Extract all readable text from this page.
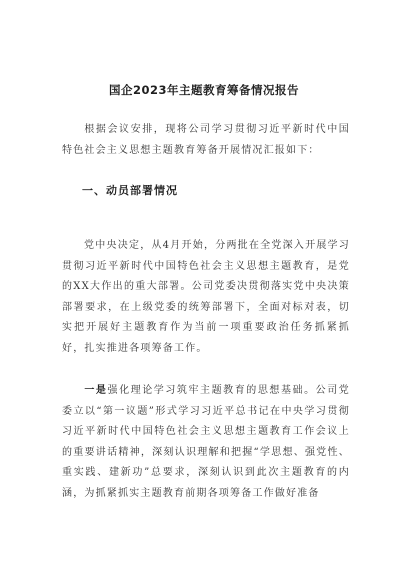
国企2023年主题教育筹备情况报告

根据会议安排，现将公司学习贯彻习近平新时代中国特色社会主义思想主题教育筹备开展情况汇报如下：

一、动员部署情况

党中央决定，从4月开始，分两批在全党深入开展学习贯彻习近平新时代中国特色社会主义思想主题教育，是党的XX大作出的重大部署。公司党委决贯彻落实党中央决策部署要求，在上级党委的统筹部署下，全面对标对表，切实把开展好主题教育作为当前一项重要政治任务抓紧抓好，扎实推进各项筹备工作。

一是强化理论学习筑牢主题教育的思想基础。公司党委立以“第一议题”形式学习习近平总书记在中央学习贯彻习近平新时代中国特色社会主义思想主题教育工作会议上的重要讲话精神，深刻认识理解和把握“学思想、强党性、重实践、建新功”总要求，深刻认识到此次主题教育的内涵，为抓紧抓实主题教育前期各项筹备工作做好准备
